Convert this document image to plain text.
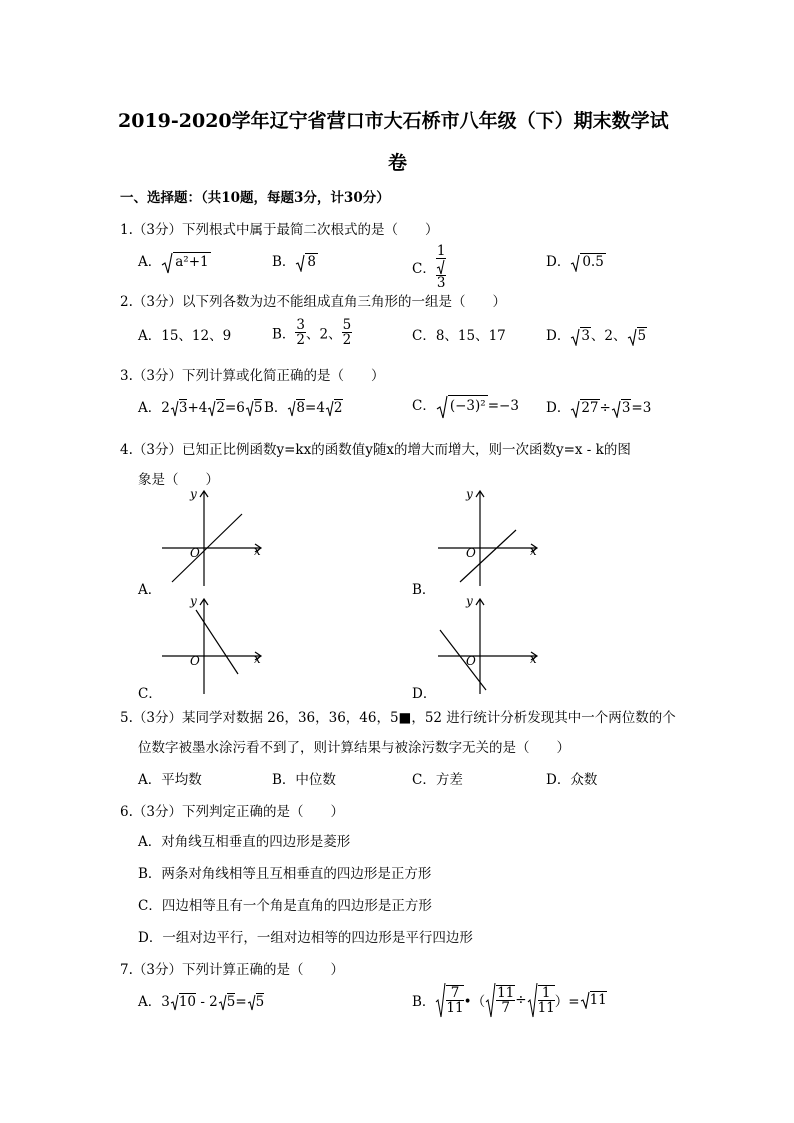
2019-2020学年辽宁省营口市大石桥市八年级（下）期末数学试
卷
一、选择题：（共10题，每题3分，计30分）
1.（3分）下列根式中属于最简二次根式的是（　　）
A． a²+1	B． 8	C． $\frac{1}{3}$	D． 0.5
2.（3分）以下列各数为边不能组成直角三角形的一组是（　　）
A．15、12、9	B． $\frac{3}{2}$ 、2、 $\frac{5}{2}$	C．8、15、17	D． 3、2、 5
3.（3分）下列计算或化简正确的是（　　）
A．2 3+4 2=6 5 B． 8=4 2	C． (−3)² =−3 D． 27÷ 3=3
4.（3分）已知正比例函数y=kx的函数值y随x的增大而增大，则一次函数y=x - k的图
象是（　　）
y
x
O
A．
y
x
O
B．
y
x
O
C．
y
x
O
D．
5.（3分）某同学对数据 26，36，36，46，5■，52 进行统计分析发现其中一个两位数的个
位数字被墨水涂污看不到了，则计算结果与被涂污数字无关的是（　　）
A．平均数	B．中位数	C．方差	D．众数
6.（3分）下列判定正确的是（　　）
A．对角线互相垂直的四边形是菱形
B．两条对角线相等且互相垂直的四边形是正方形
C．四边相等且有一个角是直角的四边形是正方形
D．一组对边平行，一组对边相等的四边形是平行四边形
7.（3分）下列计算正确的是（　　）
A．3 10 - 2 5= 5	B． $\frac{7}{11}$ •（ $\frac{11}{7} \div \frac{1}{11}$ ）= 11
